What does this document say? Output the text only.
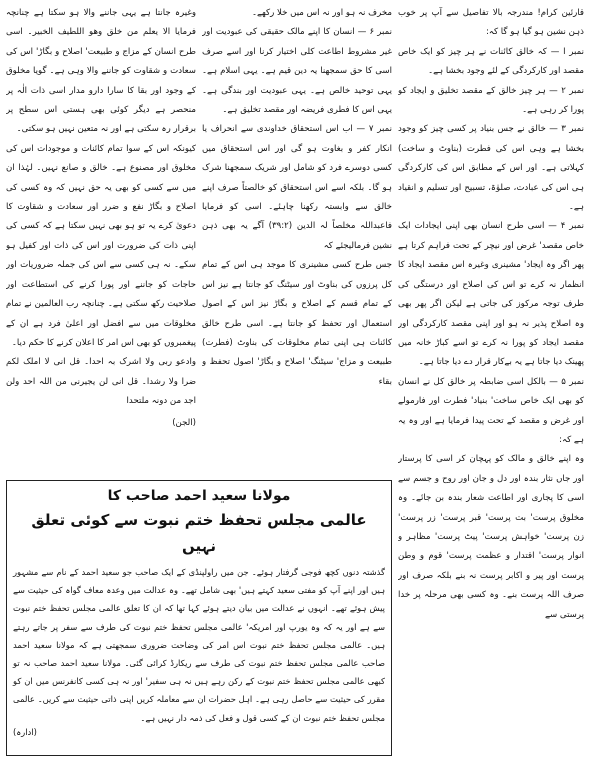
قارئین کرام! مندرجہ بالا تفاصیل سے آپ پر خوب ذہن نشین ہو گیا ہو گا کہ:

نمبر ا — کہ خالق کائنات نے ہر چیز کو ایک خاص مقصد اور کارکردگی کے لئے وجود بخشا ہے۔

نمبر ۲ — ہر چیز خالق کے مقصد تخلیق و ایجاد کو پورا کر رہی ہے۔

نمبر ۳ — خالق نے جس بنیاد پر کسی چیز کو وجود بخشا ہے وہی اس کی فطرت (بناوٹ و ساخت) کہلاتی ہے۔ اور اس کے مطابق اس کی کارکردگی ہی اس کی عبادت، صلوٰۃ، تسبیح اور تسلیم و انقیاد ہے۔

نمبر ۴ — اسی طرح انسان بھی اپنی ایجادات ایک خاص مقصد' غرض اور نیچر کے تحت فراہم کرتا ہے پھر اگر وہ ایجاد' مشینری وغیرہ اس مقصد ایجاد کا انظمار نہ کرے تو اس کی اصلاح اور درستگی کی طرف توجہ مرکوز کی جاتی ہے لیکن اگر پھر بھی وہ اصلاح پذیر نہ ہو اور اپنی مقصد کارکردگی اور مقصد ایجاد کو پورا نہ کرے تو اسے کباڑ خانہ میں پھینک دیا جاتا ہے یہ بےکار قرار دے دیا جاتا ہے۔

نمبر ۵ — بالکل اسی ضابطہ پر خالق کل نے انسان کو بھی ایک خاص ساخت' بنیاد' فطرت اور فارمولے اور غرض و مقصد کے تحت پیدا فرمایا ہے اور وہ یہ ہے کہ:

وہ اپنے خالق و مالک کو پہچان کر اسی کا پرستار اور جاں نثار بندہ اور دل و جان اور روح و جسم سے اسی کا پجاری اور اطاعت شعار بندہ بن جائے۔ وہ مخلوق پرست' بت پرست' قبر پرست' زر پرست' زن پرست' خواہش پرست' پیٹ پرست' مظاہر و انوار پرست' اقتدار و عظمت پرست' قوم و وطن پرست اور پیر و اکابر پرست نہ بنے بلکہ صرف اور صرف اللہ پرست بنے۔ وہ کسی بھی مرحلہ پر خدا پرستی سے

مخرف نہ ہو اور نہ اس میں خلا رکھے۔

نمبر ۶ — انسان کا اپنے مالک حقیقی کی عبودیت اور غیر مشروط اطاعت کلی اختیار کرنا اور اسے صرف اسی کا حق سمجھنا یہ دین قیم ہے۔ یہی اسلام ہے۔ یہی توحید خالص ہے۔ یہی عبودیت اور بندگی ہے۔ یہی اس کا فطری فریضہ اور مقصد تخلیق ہے۔

نمبر ۷ — اب اس استحقاق خداوندی سے انحراف یا انکار کفر و بغاوت ہو گی اور اس استحقاق میں کسی دوسرے فرد کو شامل اور شریک سمجھنا شرک ہو گا۔ بلکہ اسے اس استحقاق کو خالصتاً صرف اپنے خالق سے وابستہ رکھنا چاہئے۔ اسی کو فرمایا فاعبداللہ مخلصاً لہ الدین (۳۹:۲) آگے یہ بھی ذہن نشین فرمالیجئے کہ

جس طرح کسی مشینری کا موجد ہی اس کے تمام کل پرزوں کی بناوٹ اور سیٹنگ کو جانتا ہے نیز اس کے تمام قسم کے اصلاح و بگاڑ نیز اس کے اصول استعمال اور تحفظ کو جانتا ہے۔ اسی طرح خالق کائنات ہی اپنی تمام مخلوقات کی بناوٹ (فطرت) طبیعت و مزاج' سیٹنگ' اصلاح و بگاڑ' اصول تحفظ و بقاء

وغیرہ جانتا ہے یہی جاننے والا ہو سکتا ہے چنانچہ فرمایا الا یعلم من خلق وھو اللطیف الخبیر۔ اسی طرح انسان کے مزاج و طبیعت' اصلاح و بگاڑ' اس کی سعادت و شقاوت کو جاننے والا وہی ہے۔ گویا مخلوق کے وجود اور بقا کا سارا دارو مدار اسی ذات الٰہ پر منحصر ہے دیگر کوئی بھی ہستی اس سطح پر برقرار رہ سکتی ہے اور نہ متعین نہیں ہو سکتی۔

کیونکہ اس کے سوا تمام کائنات و موجودات اس کی مخلوق اور مصنوع ہے۔ خالق و صانع نہیں۔ لہٰذا ان میں سے کسی کو بھی یہ حق نہیں کہ وہ کسی کی اصلاح و بگاڑ نفع و ضرر اور سعادت و شقاوت کا دعویٰ کرے یہ تو ہو بھی نہیں سکتا ہے کہ کسی کی اپنی ذات کی ضرورت اور اس کی ذات اور کفیل ہو سکے۔ نہ ہی کسی سے اس کی جملہ ضروریات اور حاجات کو جاننے اور پورا کرنے کی استطاعت اور صلاحیت رکھ سکتی ہے۔ چنانچہ رب العالمین نے تمام مخلوقات میں سے افضل اور اعلیٰ فرد ہے ان کے پیغمبروں کو بھی اس امر کا اعلان کرنے کا حکم دیا۔

وادعو ربی ولا اشرک بہ احدا۔ قل انی لا املک لکم ضرا ولا رشدا۔ قل انی لن یجیرنی من اللہ احد ولن اجد من دونہ ملتحدا

(الجن)
مولانا سعید احمد صاحب کا
عالمی مجلس تحفظ ختم نبوت سے کوئی تعلق نہیں
گذشتہ دنوں کچھ فوجی گرفتار ہوئے۔ جن میں راولپنڈی کے ایک صاحب جو سعید احمد کے نام سے مشہور ہیں اور اپنے آپ کو مفتی سعید کہتے ہیں' بھی شامل تھے۔ وہ عدالت میں وعدہ معاف گواہ کی حیثیت سے پیش ہوئے تھے۔ انہوں نے عدالت میں بیان دیتے ہوئے کہا تھا کہ ان کا تعلق عالمی مجلس تحفظ ختم نبوت سے ہے اور یہ کہ وہ یورپ اور امریکہ' عالمی مجلس تحفظ ختم نبوت کی طرف سے سفر پر جاتے رہتے ہیں۔ عالمی مجلس تحفظ ختم نبوت اس امر کی وضاحت ضروری سمجھتی ہے کہ مولانا سعید احمد صاحب عالمی مجلس تحفظ ختم نبوت کی طرف سے ریکارڈ کرائی گئی۔ مولانا سعید احمد صاحب نہ تو کبھی عالمی مجلس تحفظ ختم نبوت کے رکن رہے ہیں نہ ہی سفیر' اور نہ ہی کسی کانفرنس میں ان کو مقرر کی حیثیت سے حاصل رہی ہے۔ اہل حضرات ان سے معاملہ کریں اپنی ذاتی حیثیت سے کریں۔ عالمی مجلس تحفظ ختم نبوت ان کے کسی قول و فعل کی ذمہ دار نہیں ہے۔
(ادارہ)
